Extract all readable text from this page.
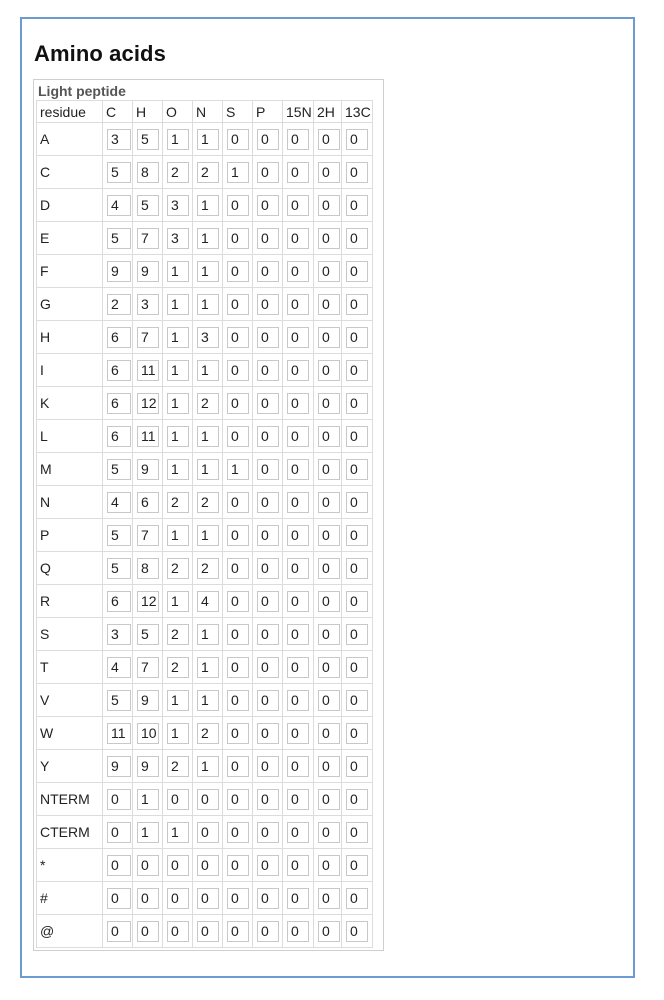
Amino acids
Light peptide
residue	C	H	O	N	S	P	15N	2H	13C
A	3	5	1	1	0	0	0	0	0
C	5	8	2	2	1	0	0	0	0
D	4	5	3	1	0	0	0	0	0
E	5	7	3	1	0	0	0	0	0
F	9	9	1	1	0	0	0	0	0
G	2	3	1	1	0	0	0	0	0
H	6	7	1	3	0	0	0	0	0
I	6	11	1	1	0	0	0	0	0
K	6	12	1	2	0	0	0	0	0
L	6	11	1	1	0	0	0	0	0
M	5	9	1	1	1	0	0	0	0
N	4	6	2	2	0	0	0	0	0
P	5	7	1	1	0	0	0	0	0
Q	5	8	2	2	0	0	0	0	0
R	6	12	1	4	0	0	0	0	0
S	3	5	2	1	0	0	0	0	0
T	4	7	2	1	0	0	0	0	0
V	5	9	1	1	0	0	0	0	0
W	11	10	1	2	0	0	0	0	0
Y	9	9	2	1	0	0	0	0	0
NTERM	0	1	0	0	0	0	0	0	0
CTERM	0	1	1	0	0	0	0	0	0
*	0	0	0	0	0	0	0	0	0
#	0	0	0	0	0	0	0	0	0
@	0	0	0	0	0	0	0	0	0
